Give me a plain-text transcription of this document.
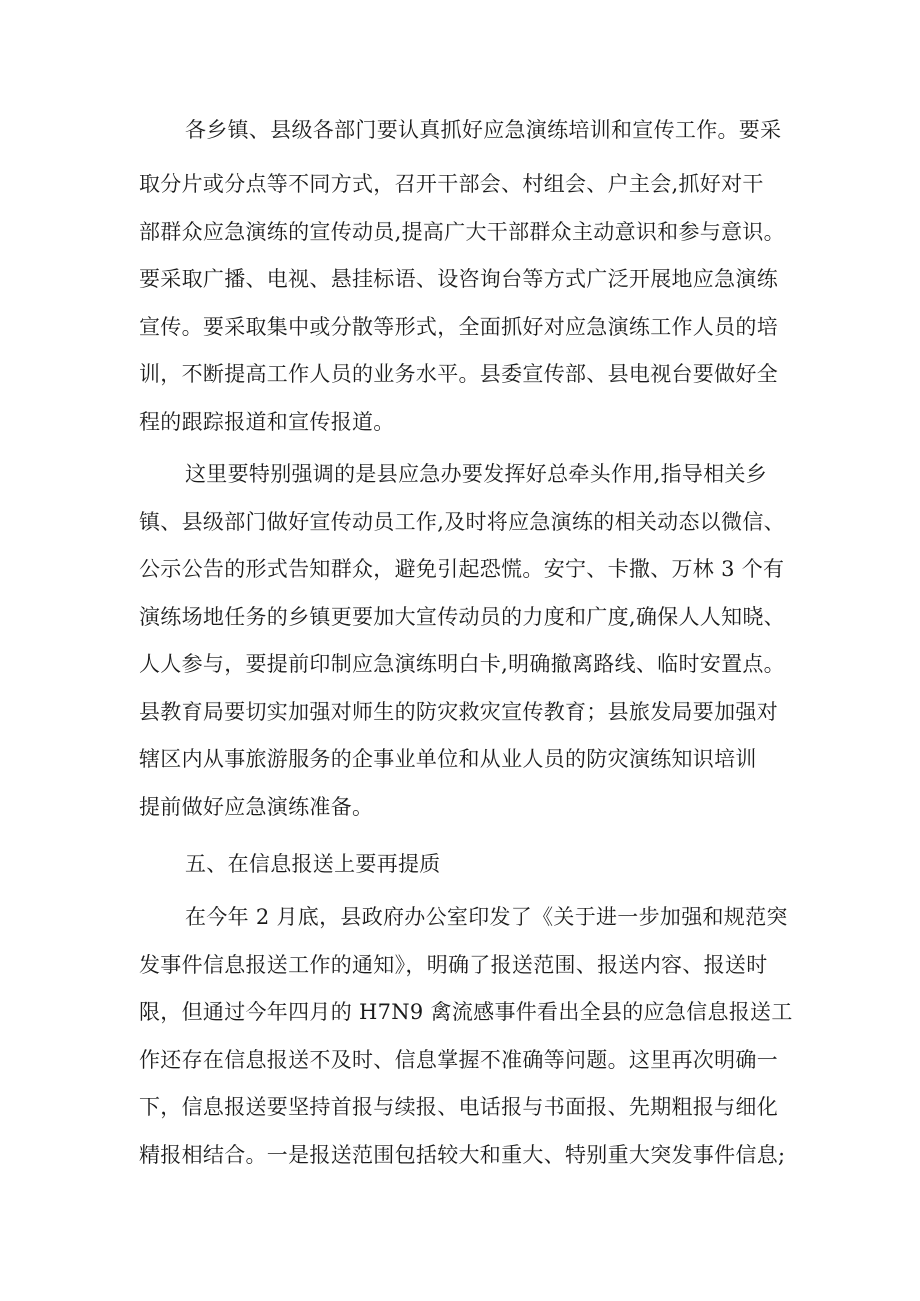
各乡镇、县级各部门要认真抓好应急演练培训和宣传工作。要采
取分片或分点等不同方式，召开干部会、村组会、户主会,抓好对干
部群众应急演练的宣传动员,提高广大干部群众主动意识和参与意识。
要采取广播、电视、悬挂标语、设咨询台等方式广泛开展地应急演练
宣传。要采取集中或分散等形式，全面抓好对应急演练工作人员的培
训，不断提高工作人员的业务水平。县委宣传部、县电视台要做好全
程的跟踪报道和宣传报道。
这里要特别强调的是县应急办要发挥好总牵头作用,指导相关乡
镇、县级部门做好宣传动员工作,及时将应急演练的相关动态以微信、
公示公告的形式告知群众，避免引起恐慌。安宁、卡撒、万林 3 个有
演练场地任务的乡镇更要加大宣传动员的力度和广度,确保人人知晓、
人人参与，要提前印制应急演练明白卡,明确撤离路线、临时安置点。
县教育局要切实加强对师生的防灾救灾宣传教育；县旅发局要加强对
辖区内从事旅游服务的企事业单位和从业人员的防灾演练知识培训
提前做好应急演练准备。
五、在信息报送上要再提质
在今年 2 月底，县政府办公室印发了《关于进一步加强和规范突
发事件信息报送工作的通知》，明确了报送范围、报送内容、报送时
限，但通过今年四月的 H7N9 禽流感事件看出全县的应急信息报送工
作还存在信息报送不及时、信息掌握不准确等问题。这里再次明确一
下，信息报送要坚持首报与续报、电话报与书面报、先期粗报与细化
精报相结合。一是报送范围包括较大和重大、特别重大突发事件信息;
